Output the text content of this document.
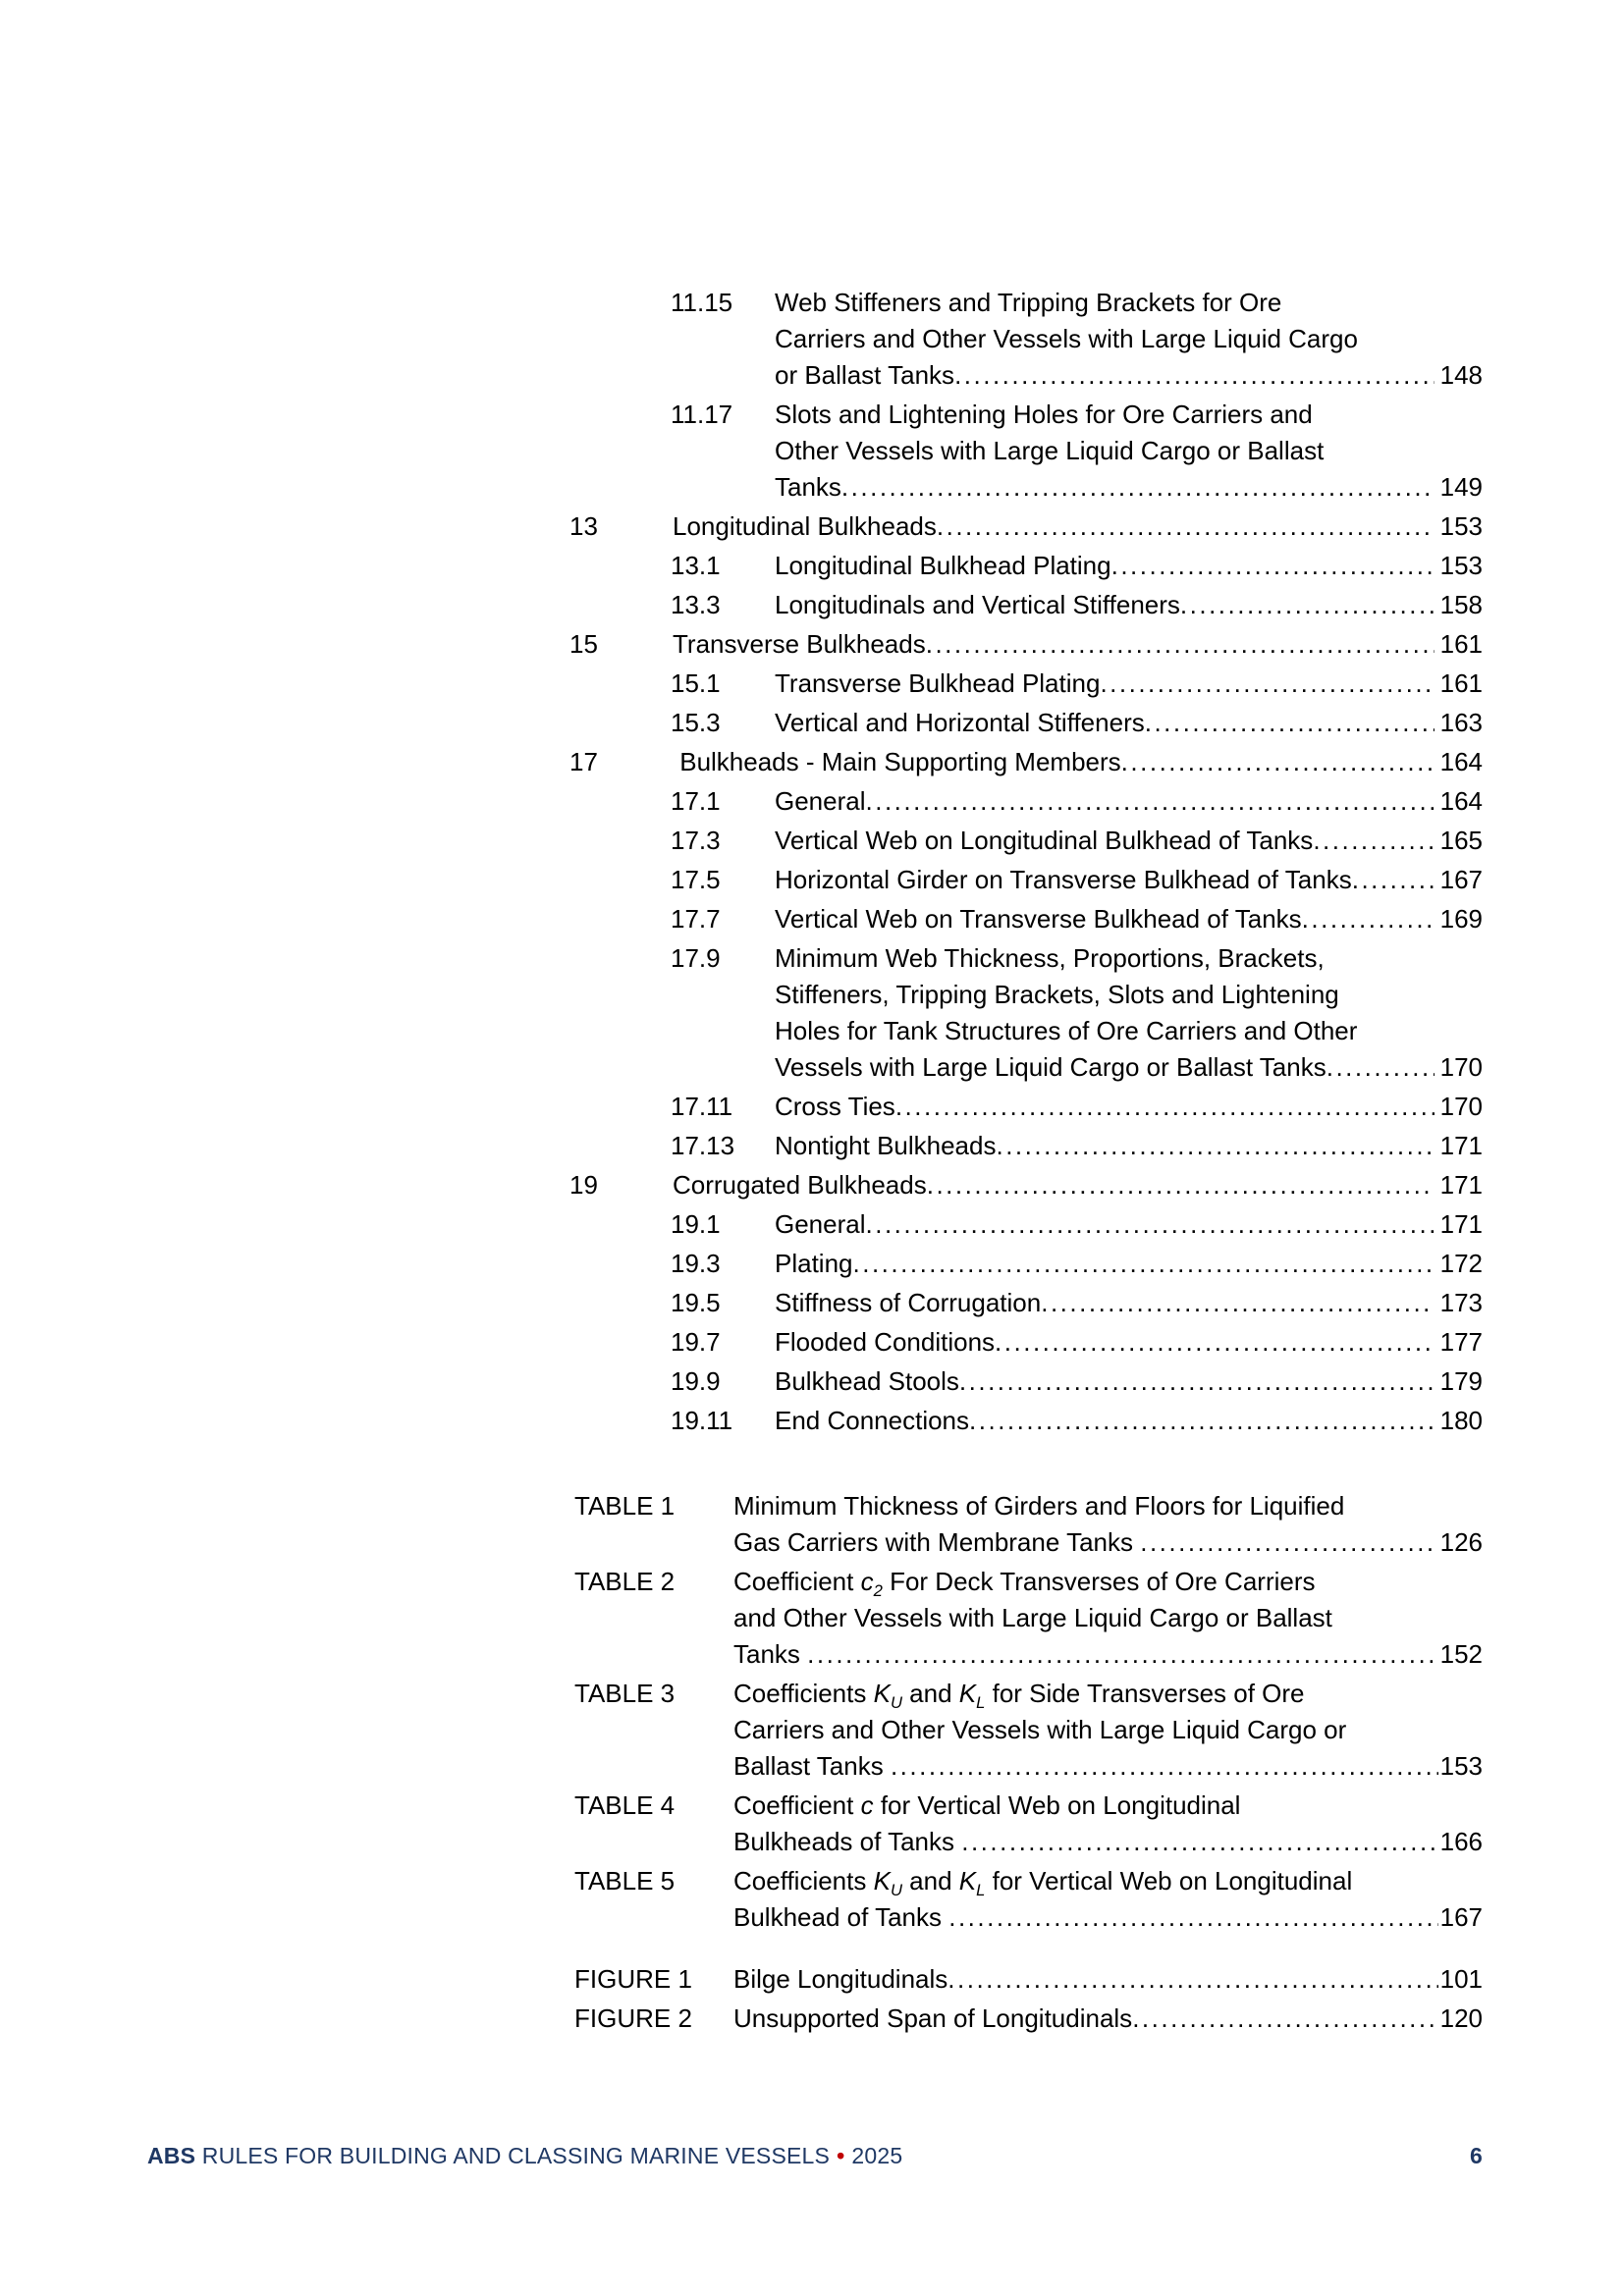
11.15	Web Stiffeners and Tripping Brackets for Ore
Carriers and Other Vessels with Large Liquid Cargo
or Ballast Tanks .....	148
11.17	Slots and Lightening Holes for Ore Carriers and
Other Vessels with Large Liquid Cargo or Ballast
Tanks .....	149
13	Longitudinal Bulkheads .....	153
13.1	Longitudinal Bulkhead Plating .....	153
13.3	Longitudinals and Vertical Stiffeners .....	158
15	Transverse Bulkheads .....	161
15.1	Transverse Bulkhead Plating .....	161
15.3	Vertical and Horizontal Stiffeners .....	163
17	Bulkheads - Main Supporting Members .....	164
17.1	General .....	164
17.3	Vertical Web on Longitudinal Bulkhead of Tanks .....	165
17.5	Horizontal Girder on Transverse Bulkhead of Tanks .....	167
17.7	Vertical Web on Transverse Bulkhead of Tanks .....	169
17.9	Minimum Web Thickness, Proportions, Brackets,
Stiffeners, Tripping Brackets, Slots and Lightening
Holes for Tank Structures of Ore Carriers and Other
Vessels with Large Liquid Cargo or Ballast Tanks .....	170
17.11	Cross Ties .....	170
17.13	Nontight Bulkheads .....	171
19	Corrugated Bulkheads .....	171
19.1	General .....	171
19.3	Plating .....	172
19.5	Stiffness of Corrugation .....	173
19.7	Flooded Conditions .....	177
19.9	Bulkhead Stools .....	179
19.11	End Connections .....	180
TABLE 1	Minimum Thickness of Girders and Floors for Liquified
Gas Carriers with Membrane Tanks .....	126
TABLE 2	Coefficient $c_2$ For Deck Transverses of Ore Carriers
and Other Vessels with Large Liquid Cargo or Ballast
Tanks .....	152
TABLE 3	Coefficients $K_U$ and $K_L$ for Side Transverses of Ore
Carriers and Other Vessels with Large Liquid Cargo or
Ballast Tanks .....	153
TABLE 4	Coefficient c for Vertical Web on Longitudinal
Bulkheads of Tanks .....	166
TABLE 5	Coefficients $K_U$ and $K_L$ for Vertical Web on Longitudinal
Bulkhead of Tanks .....	167
FIGURE 1	Bilge Longitudinals .....	101
FIGURE 2	Unsupported Span of Longitudinals .....	120
ABS RULES FOR BUILDING AND CLASSING MARINE VESSELS • 2025	6
